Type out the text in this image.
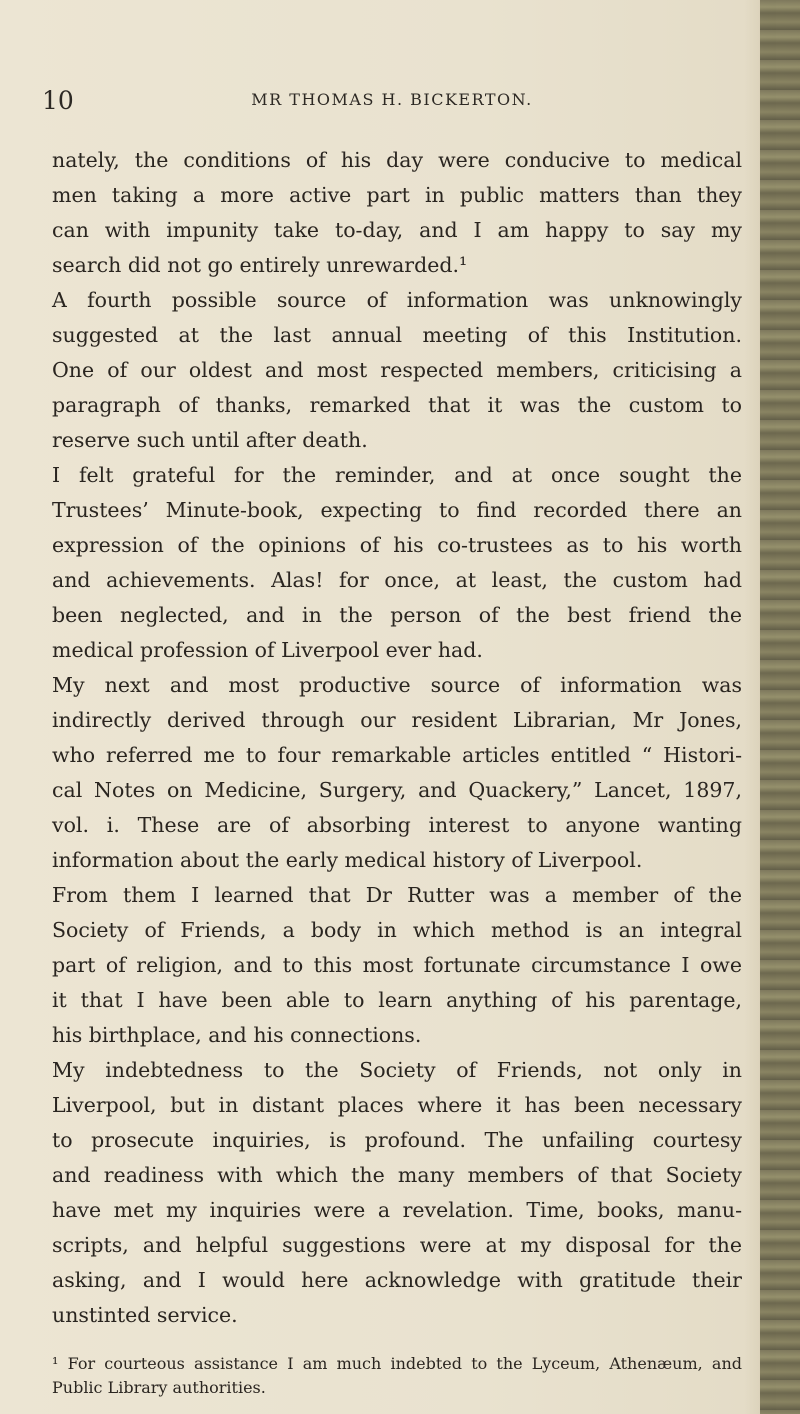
10	MR THOMAS H. BICKERTON.
nately, the conditions of his day were conducive to medical
men taking a more active part in public matters than they
can with impunity take to-day, and I am happy to say my
search did not go entirely unrewarded.¹
A fourth possible source of information was unknowingly
suggested at the last annual meeting of this Institution.
One of our oldest and most respected members, criticising a
paragraph of thanks, remarked that it was the custom to
reserve such until after death.
I felt grateful for the reminder, and at once sought the
Trustees’ Minute-book, expecting to find recorded there an
expression of the opinions of his co-trustees as to his worth
and achievements. Alas! for once, at least, the custom had
been neglected, and in the person of the best friend the
medical profession of Liverpool ever had.
My next and most productive source of information was
indirectly derived through our resident Librarian, Mr Jones,
who referred me to four remarkable articles entitled “ Histori-
cal Notes on Medicine, Surgery, and Quackery,” Lancet, 1897,
vol. i. These are of absorbing interest to anyone wanting
information about the early medical history of Liverpool.
From them I learned that Dr Rutter was a member of the
Society of Friends, a body in which method is an integral
part of religion, and to this most fortunate circumstance I owe
it that I have been able to learn anything of his parentage,
his birthplace, and his connections.
My indebtedness to the Society of Friends, not only in
Liverpool, but in distant places where it has been necessary
to prosecute inquiries, is profound. The unfailing courtesy
and readiness with which the many members of that Society
have met my inquiries were a revelation. Time, books, manu-
scripts, and helpful suggestions were at my disposal for the
asking, and I would here acknowledge with gratitude their
unstinted service.
¹ For courteous assistance I am much indebted to the Lyceum, Athenæum, and
Public Library authorities.
